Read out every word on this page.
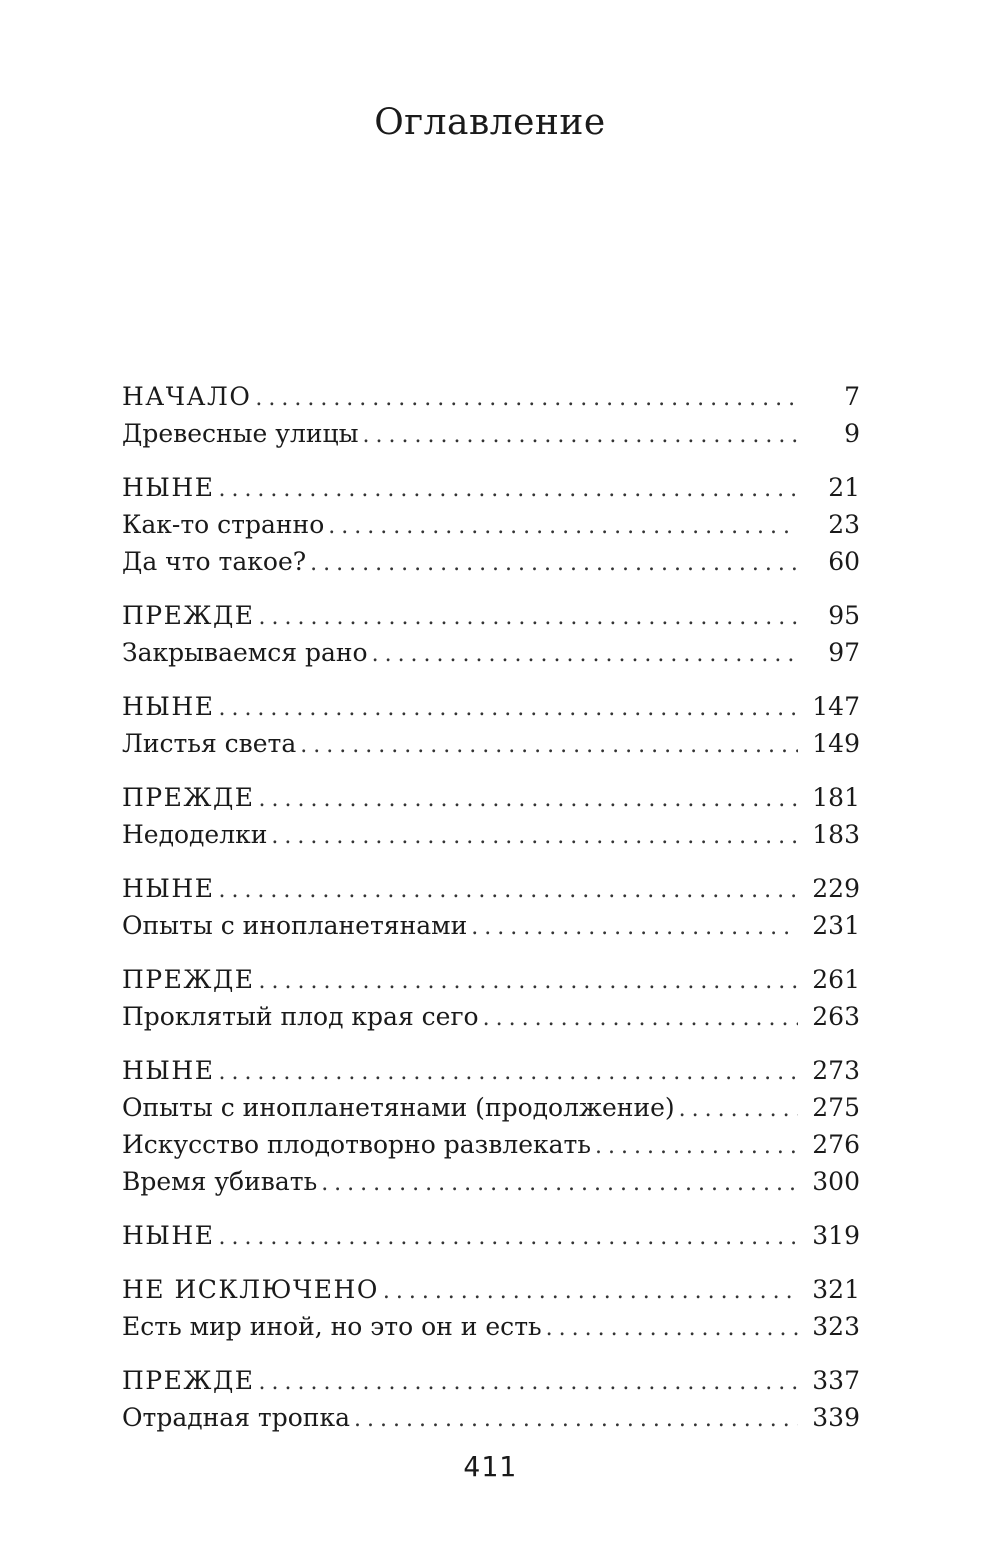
Оглавление
НАЧАЛО .....	7
Древесные улицы .....	9
НЫНЕ .....	21
Как-то странно .....	23
Да что такое? .....	60
ПРЕЖДЕ .....	95
Закрываемся рано .....	97
НЫНЕ .....	147
Листья света .....	149
ПРЕЖДЕ .....	181
Недоделки .....	183
НЫНЕ .....	229
Опыты с инопланетянами .....	231
ПРЕЖДЕ .....	261
Проклятый плод края сего .....	263
НЫНЕ .....	273
Опыты с инопланетянами (продолжение) .....	275
Искусство плодотворно развлекать .....	276
Время убивать .....	300
НЫНЕ .....	319
НЕ ИСКЛЮЧЕНО .....	321
Есть мир иной, но это он и есть .....	323
ПРЕЖДЕ .....	337
Отрадная тропка .....	339
411
